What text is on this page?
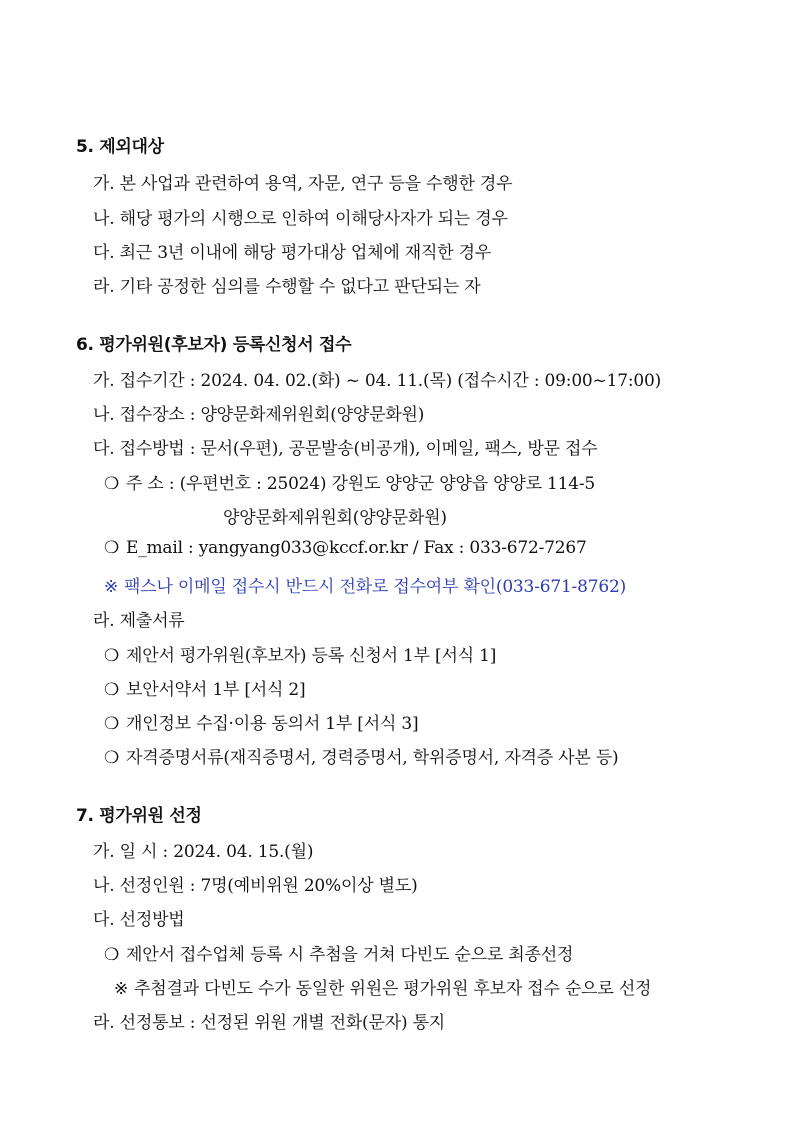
5. 제외대상
가. 본 사업과 관련하여 용역, 자문, 연구 등을 수행한 경우
나. 해당 평가의 시행으로 인하여 이해당사자가 되는 경우
다. 최근 3년 이내에 해당 평가대상 업체에 재직한 경우
라. 기타 공정한 심의를 수행할 수 없다고 판단되는 자
6. 평가위원(후보자) 등록신청서 접수
가. 접수기간 : 2024. 04. 02.(화) ~ 04. 11.(목) (접수시간 : 09:00~17:00)
나. 접수장소 : 양양문화제위원회(양양문화원)
다. 접수방법 : 문서(우편), 공문발송(비공개), 이메일, 팩스, 방문 접수
❍ 주 소 : (우편번호 : 25024) 강원도 양양군 양양읍 양양로 114-5
양양문화제위원회(양양문화원)
❍ E_mail : yangyang033@kccf.or.kr / Fax : 033-672-7267
※ 팩스나 이메일 접수시 반드시 전화로 접수여부 확인(033-671-8762)
라. 제출서류
❍ 제안서 평가위원(후보자) 등록 신청서 1부 [서식 1]
❍ 보안서약서 1부 [서식 2]
❍ 개인정보 수집·이용 동의서 1부 [서식 3]
❍ 자격증명서류(재직증명서, 경력증명서, 학위증명서, 자격증 사본 등)
7. 평가위원 선정
가. 일 시 : 2024. 04. 15.(월)
나. 선정인원 : 7명(예비위원 20%이상 별도)
다. 선정방법
❍ 제안서 접수업체 등록 시 추첨을 거쳐 다빈도 순으로 최종선정
※ 추첨결과 다빈도 수가 동일한 위원은 평가위원 후보자 접수 순으로 선정
라. 선정통보 : 선정된 위원 개별 전화(문자) 통지
